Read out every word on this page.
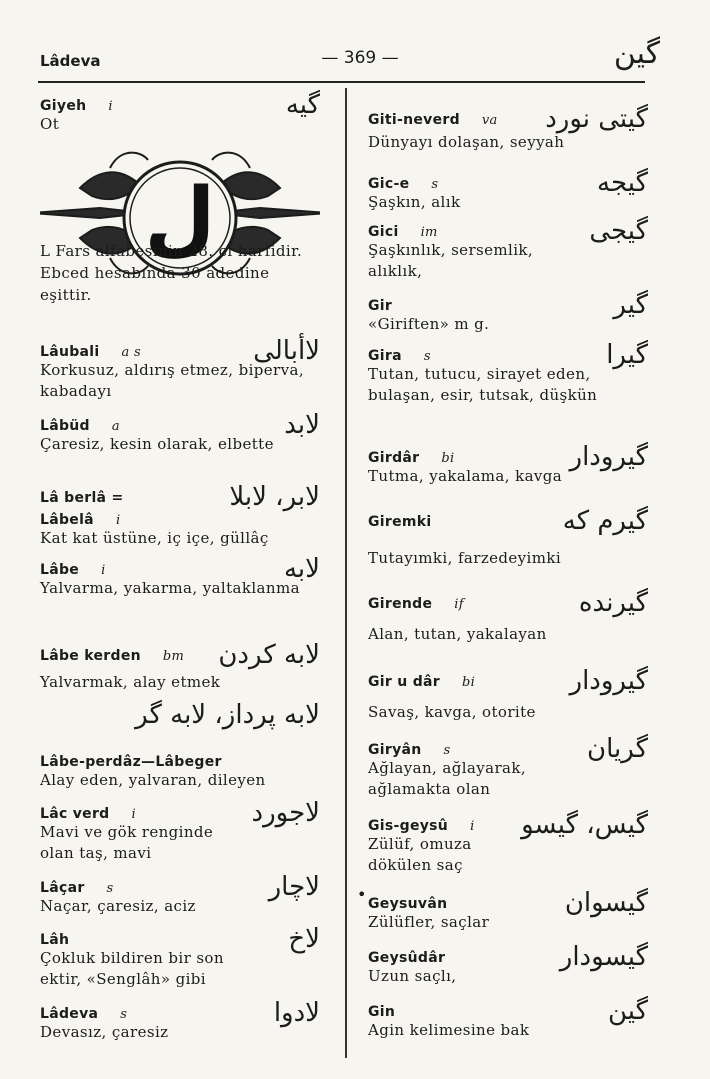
Lâdeva	— 369 —	گین
•
Giyeh i	گیه
Ot
ل
L Fars alfabesinin 28. ci harfidir. Ebced hesabında 30 adedine eşittir.
Lâubali a s	لاأبالی
Korkusuz, aldırış etmez, biperva, kabadayı
Lâbüd a	لابد
Çaresiz, kesin olarak, elbette
Lâ berlâ =	لابر، لابلا
Lâbelâ i
Kat kat üstüne, iç içe, güllâç
Lâbe i	لابه
Yalvarma, yakarma, yaltaklanma
Lâbe kerden bm	لابه کردن
Yalvarmak, alay etmek
لابه پرداز، لابه گر
Lâbe-perdâz—Lâbeger
Alay eden, yalvaran, dileyen
Lâc verd i	لاجورد
Mavi ve gök renginde olan taş, mavi
Lâçar s	لاچار
Naçar, çaresiz, aciz
Lâh	لاخ
Çokluk bildiren bir son ektir, «Senglâh» gibi
Lâdeva s	لادوا
Devasız, çaresiz
Giti-neverd va	گیتی نورد
Dünyayı dolaşan, seyyah
Gic-e s	گیجه
Şaşkın, alık
Gici im	گیجی
Şaşkınlık, sersemlik, alıklık,
Gir	گیر
«Giriften» m g.
Gira s	گیرا
Tutan, tutucu, sirayet eden, bulaşan, esir, tutsak, düşkün
Girdâr bi	گیرودار
Tutma, yakalama, kavga
Giremki	گیرم که
Tutayımki, farzedeyimki
Girende if	گیرنده
Alan, tutan, yakalayan
Gir u dâr bi	گیرودار
Savaş, kavga, otorite
Giryân s	گریان
Ağlayan, ağlayarak, ağlamakta olan
Gis-geysû i	گیس، گیسو
Zülüf, omuza dökülen saç
Geysuvân	گیسوان
Zülüfler, saçlar
Geysûdâr	گیسودار
Uzun saçlı,
Gin	گین
Agin kelimesine bak
